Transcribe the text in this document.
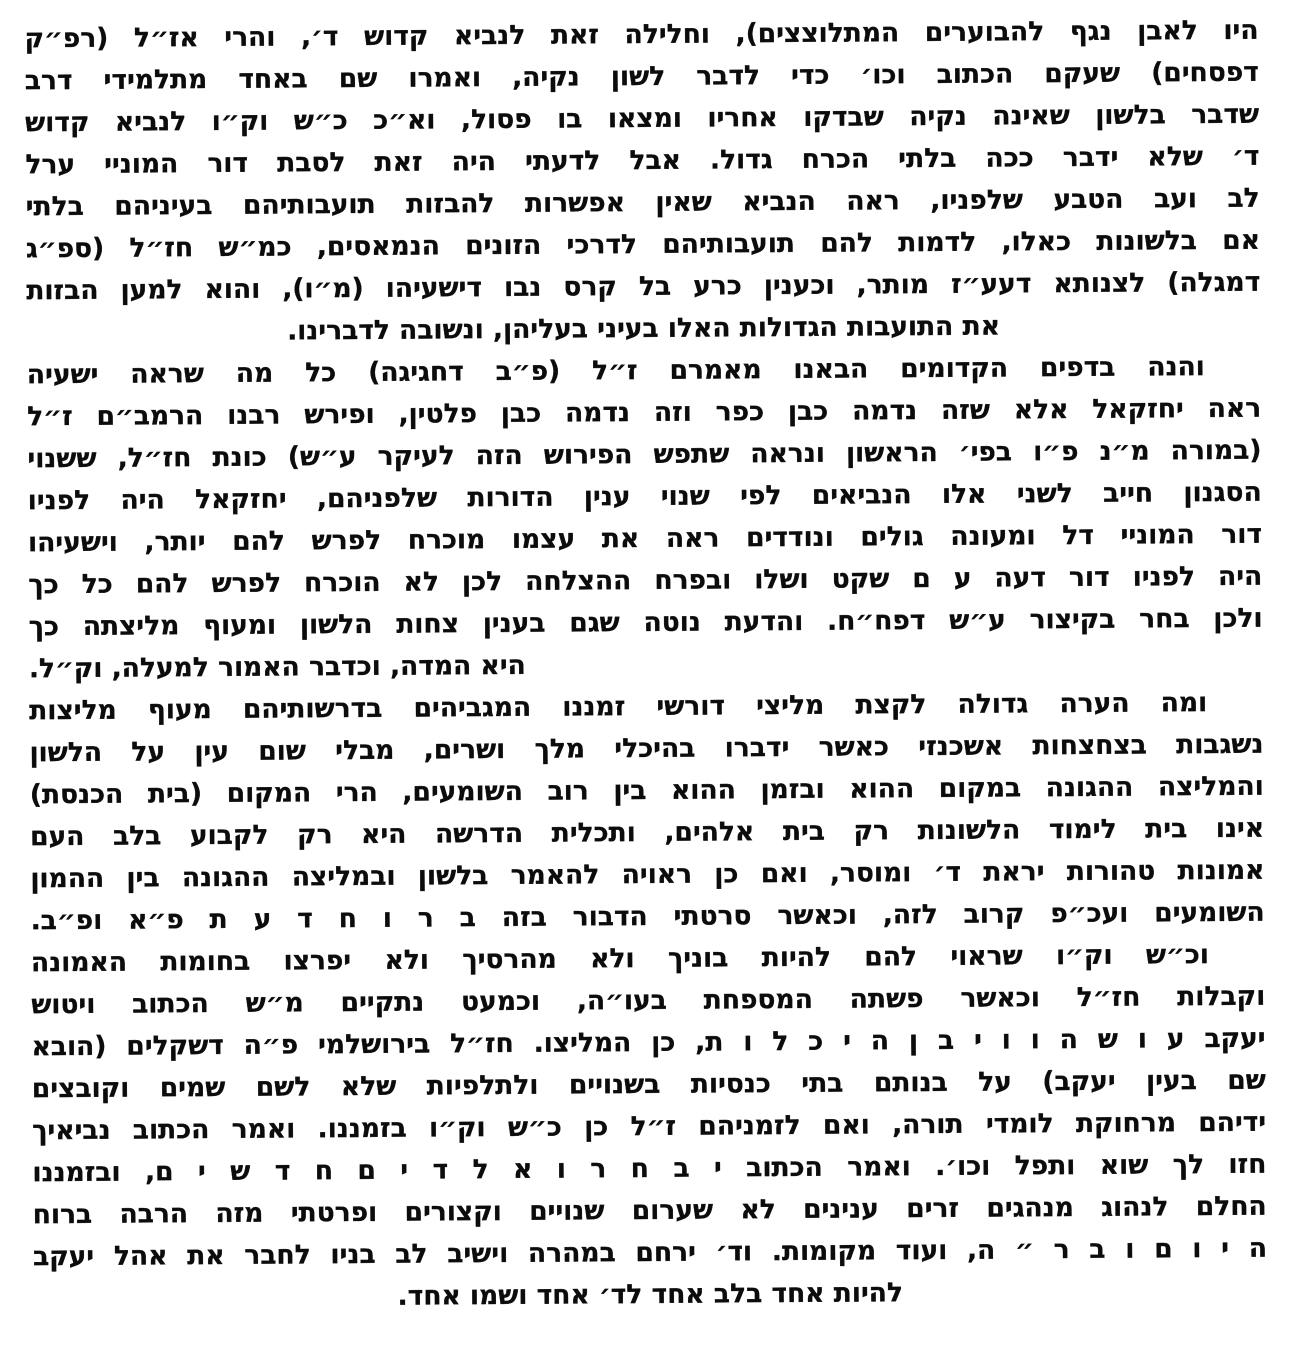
היו לאבן נגף להבוערים המתלוצצים), וחלילה זאת לנביא קדוש ד׳, והרי אז״ל (רפ״ק
דפסחים) שעקם הכתוב וכו׳ כדי לדבר לשון נקיה, ואמרו שם באחד מתלמידי דרב
שדבר בלשון שאינה נקיה שבדקו אחריו ומצאו בו פסול, וא״כ כ״ש וק״ו לנביא קדוש
ד׳ שלא ידבר ככה בלתי הכרח גדול. אבל לדעתי היה זאת לסבת דור המוניי ערל
לב ועב הטבע שלפניו, ראה הנביא שאין אפשרות להבזות תועבותיהם בעיניהם בלתי
אם בלשונות כאלו, לדמות להם תועבותיהם לדרכי הזונים הנמאסים, כמ״ש חז״ל (ספ״ג
דמגלה) לצנותא דעע״ז מותר, וכענין כרע בל קרס נבו דישעיהו (מ״ו), והוא למען הבזות
את התועבות הגדולות האלו בעיני בעליהן, ונשובה לדברינו.
והנה בדפים הקדומים הבאנו מאמרם ז״ל (פ״ב דחגיגה) כל מה שראה ישעיה
ראה יחזקאל אלא שזה נדמה כבן כפר וזה נדמה כבן פלטין, ופירש רבנו הרמב״ם ז״ל
(במורה מ״נ פ״ו בפי׳ הראשון ונראה שתפש הפירוש הזה לעיקר ע״ש) כונת חז״ל, ששנוי
הסגנון חייב לשני אלו הנביאים לפי שנוי ענין הדורות שלפניהם, יחזקאל היה לפניו
דור המוניי דל ומעונה גולים ונודדים ראה את עצמו מוכרח לפרש להם יותר, וישעיהו
היה לפניו דור דעה ע ם שקט ושלו ובפרח ההצלחה לכן לא הוכרח לפרש להם כל כך
ולכן בחר בקיצור ע״ש דפח״ח. והדעת נוטה שגם בענין צחות הלשון ומעוף מליצתה כך
היא המדה, וכדבר האמור למעלה, וק״ל.
ומה הערה גדולה לקצת מליצי דורשי זמננו המגביהים בדרשותיהם מעוף מליצות
נשגבות בצחצחות אשכנזי כאשר ידברו בהיכלי מלך ושרים, מבלי שום עין על הלשון
והמליצה ההגונה במקום ההוא ובזמן ההוא בין רוב השומעים, הרי המקום (בית הכנסת)
אינו בית לימוד הלשונות רק בית אלהים, ותכלית הדרשה היא רק לקבוע בלב העם
אמונות טהורות יראת ד׳ ומוסר, ואם כן ראויה להאמר בלשון ובמליצה ההגונה בין ההמון
השומעים ועכ״פ קרוב לזה, וכאשר סרטתי הדבור בזה ב ר ו ח ד ע ת פ״א ופ״ב.
וכ״ש וק״ו שראוי להם להיות בוניך ולא מהרסיך ולא יפרצו בחומות האמונה
וקבלות חז״ל וכאשר פשתה המספחת בעו״ה, וכמעט נתקיים מ״ש הכתוב ויטוש
יעקב ע ו ש ה ו ו י ב ן ה י כ ל ו ת, כן המליצו. חז״ל בירושלמי פ״ה דשקלים (הובא
שם בעין יעקב) על בנותם בתי כנסיות בשנויים ולתלפיות שלא לשם שמים וקובצים
ידיהם מרחוקת לומדי תורה, ואם לזמניהם ז״ל כן כ״ש וק״ו בזמננו. ואמר הכתוב נביאיך
חזו לך שוא ותפל וכו׳. ואמר הכתוב י ב ח ר ו א ל ד י ם ח ד ש י ם, ובזמננו
החלם לנהוג מנהגים זרים ענינים לא שערום שנויים וקצורים ופרטתי מזה הרבה ברוח
ה י ו ם ו ב ר ״ ה, ועוד מקומות. וד׳ ירחם במהרה וישיב לב בניו לחבר את אהל יעקב
להיות אחד בלב אחד לד׳ אחד ושמו אחד.
